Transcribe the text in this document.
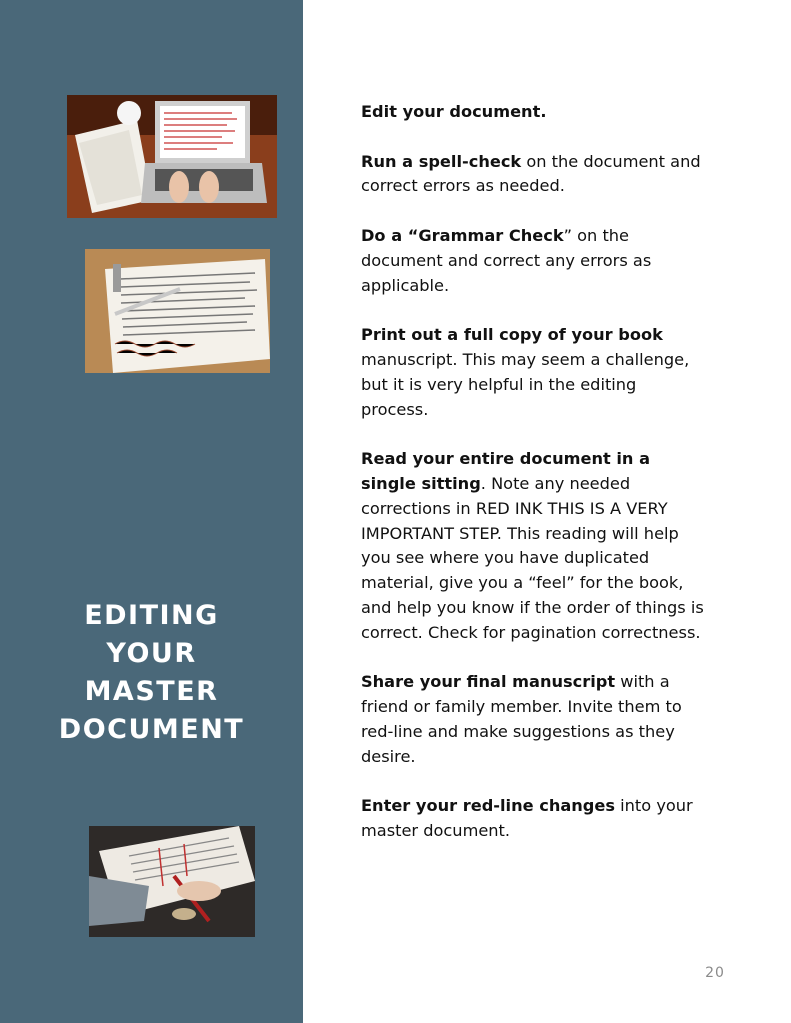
EDITING
YOUR
MASTER
DOCUMENT

Edit your document.

Run a spell-check on the document and correct errors as needed.

Do a “Grammar Check” on the document and correct any errors as applicable.

Print out a full copy of your book manuscript. This may seem a challenge, but it is very helpful in the editing process.

Read your entire document in a single sitting. Note any needed corrections in RED INK THIS IS A VERY IMPORTANT STEP. This reading will help you see where you have duplicated material, give you a “feel” for the book, and help you know if the order of things is correct. Check for pagination correctness.

Share your final manuscript with a friend or family member. Invite them to red-line and make suggestions as they desire.

Enter your red-line changes into your master document.

20
